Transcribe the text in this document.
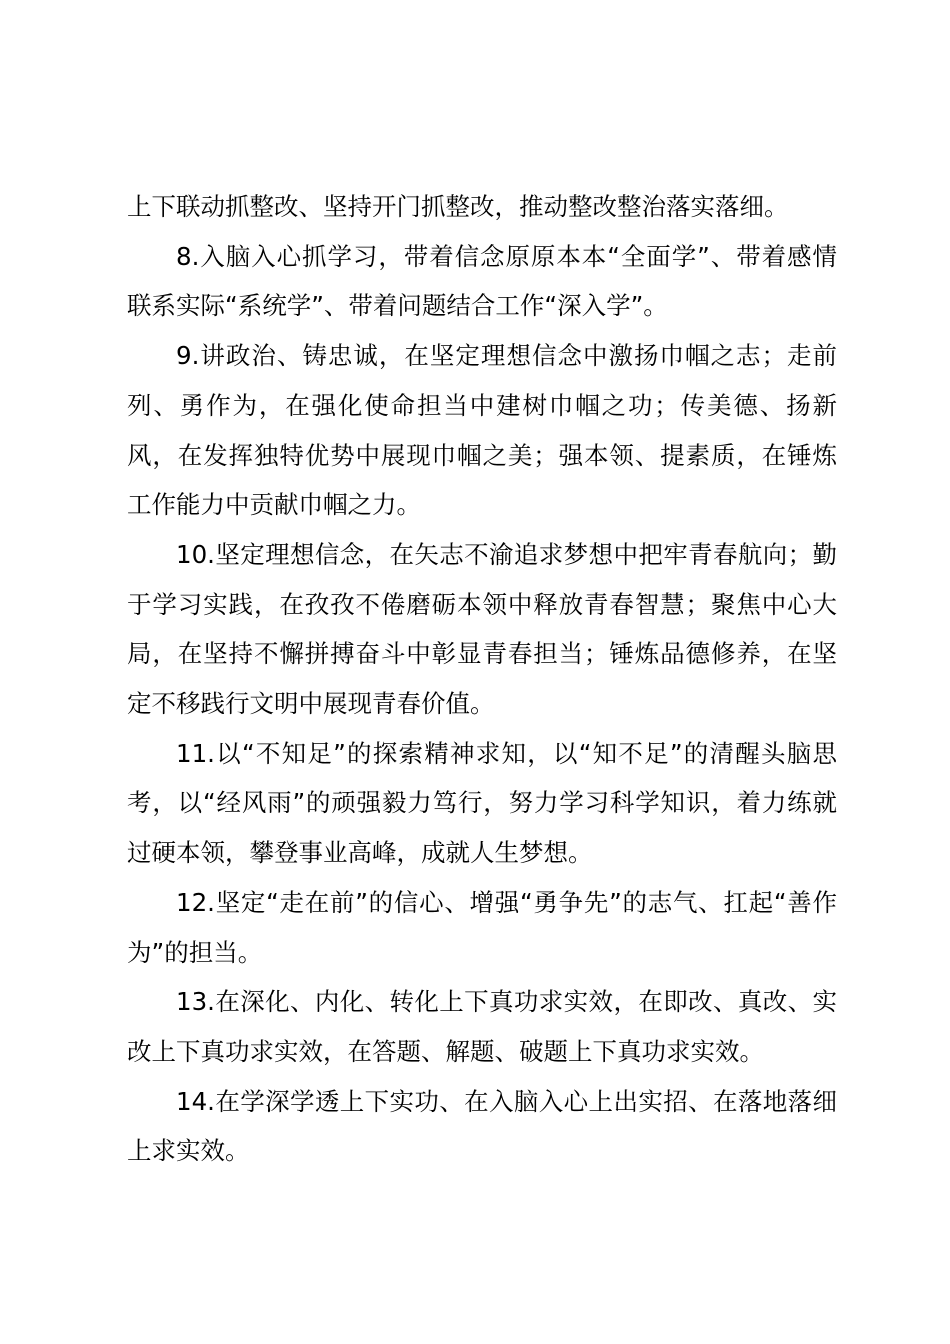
上下联动抓整改、坚持开门抓整改，推动整改整治落实落细。

8.入脑入心抓学习，带着信念原原本本“全面学”、带着感情联系实际“系统学”、带着问题结合工作“深入学”。

9.讲政治、铸忠诚，在坚定理想信念中激扬巾帼之志；走前列、勇作为，在强化使命担当中建树巾帼之功；传美德、扬新风，在发挥独特优势中展现巾帼之美；强本领、提素质，在锤炼工作能力中贡献巾帼之力。

10.坚定理想信念，在矢志不渝追求梦想中把牢青春航向；勤于学习实践，在孜孜不倦磨砺本领中释放青春智慧；聚焦中心大局，在坚持不懈拼搏奋斗中彰显青春担当；锤炼品德修养，在坚定不移践行文明中展现青春价值。

11.以“不知足”的探索精神求知，以“知不足”的清醒头脑思考，以“经风雨”的顽强毅力笃行，努力学习科学知识，着力练就过硬本领，攀登事业高峰，成就人生梦想。

12.坚定“走在前”的信心、增强“勇争先”的志气、扛起“善作为”的担当。

13.在深化、内化、转化上下真功求实效，在即改、真改、实改上下真功求实效，在答题、解题、破题上下真功求实效。

14.在学深学透上下实功、在入脑入心上出实招、在落地落细上求实效。
